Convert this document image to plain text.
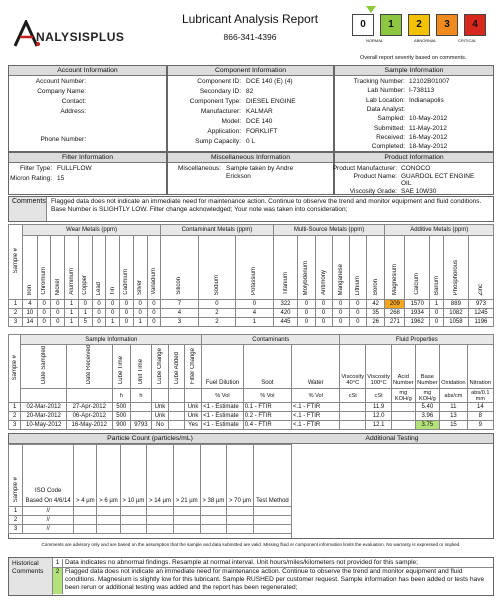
NALYSISPLUS
Lubricant Analysis Report
866-341-4396
0	1	2	3	4
NORMAL	ABNORMAL	CRITICAL
Overall report severity based on comments.
Account Information
Account Number:
Company Name:
Contact:
Address:
Phone Number:
Component Information
Component ID: DCE 140 (E) (4)
Secondary ID: 82
Component Type: DIESEL ENGINE
Manufacturer: KALMAR
Model: DCE 140
Application: FORKLIFT
Sump Capacity: 0 L
Sample Information
Tracking Number: 12102B01007
Lab Number: I-738113
Lab Location: Indianapolis
Data Analyst:
Sampled: 10-May-2012
Submitted: 11-May-2012
Received: 16-May-2012
Completed: 18-May-2012
Filter Information
Filter Type: FULLFLOW
Micron Rating: 15
Miscellaneous Information
Miscellaneous: Sample taken by Andre
Erickson
Product Information
Product Manufacturer: CONOCO
Product Name: GUARDOL ECT ENGINE
OIL
Viscosity Grade: SAE 10W30
Comments Flagged data does not indicate an immediate need for maintenance action. Continue to observe the trend and monitor equipment and fluid conditions. Base Number is SLIGHTLY LOW. Filter change acknowledged; Your note was taken into consideration;
Sample #	Wear Metals (ppm)										Contaminant Metals (ppm)			Multi-Source Metals (ppm)						Additive Metals (ppm)				
	Iron	Chromium	Nickel	Aluminum	Copper	Lead	Tin	Cadmium	Silver	Vanadium	Silicon	Sodium	Potassium	Titanium	Molybdenum	Antimony	Manganese	Lithium	Boron	Magnesium	Calcium	Barium	Phosphorous	Zinc
1	4	0	0	1	0	0	0	0	0	0	7	0	0	322	0	0	0	0	42	209	1570	1	889	973
2	10	0	0	1	1	0	0	0	0	0	4	2	4	420	0	0	0	0	35	268	1934	0	1082	1245
3	14	0	0	1	5	0	1	0	1	0	3	2	1	445	0	0	0	0	26	271	1962	0	1058	1196
Sample #	Sample Information							Contaminants			Fluid Properties					
	Date Sampled	Date Received	Lube Time	Unit Time	Lube Change	Lube Added	Filter Change	Fuel Dilution	Soot	Water	Viscosity 40°C	Viscosity 100°C	Acid Number	Base Number	Oxidation	Nitration
			h	h				% Vol	% Vol	% Vol	cSt	cSt	mg KOH/g	mg KOH/g	abs/cm	abs/0.1 mm
1	02-Mar-2012	27-Apr-2012	500		Unk		Unk	<1 - Estimate	0.1 - FTIR	<.1 - FTIR		11.9		5.40	11	14
2	20-Mar-2012	06-Apr-2012	500		Unk		Unk	<1 - Estimate	0.2 - FTIR	<.1 - FTIR		12.0		3.96	13	8
3	10-May-2012	16-May-2012	900	9793	No		Yes	<1 - Estimate	0.4 - FTIR	<.1 - FTIR		12.1		3.75	15	9
Particle Count (particles/mL)	Additional Testing
Sample #	ISO Code
Based On 4/6/14	> 4 µm	> 6 µm	> 10 µm	> 14 µm	> 21 µm	> 38 µm	> 70 µm	Test Method
1	//								
2	//								
3	//								
Comments are advisory only and are based on the assumption that the sample and data submitted are valid. Missing fluid or component information limits the evaluation. No warranty is expressed or implied.
Historical Comments
1 Data indicates no abnormal findings. Resample at normal interval. Unit hours/miles/kilometers not provided for this sample;
2 Flagged data does not indicate an immediate need for maintenance action. Continue to observe the trend and monitor equipment and fluid conditions. Magnesium is slightly low for this lubricant. Sample RUSHED per customer request. Sample information has been added or tests have been rerun or additional testing was added and the report has been regenerated;
